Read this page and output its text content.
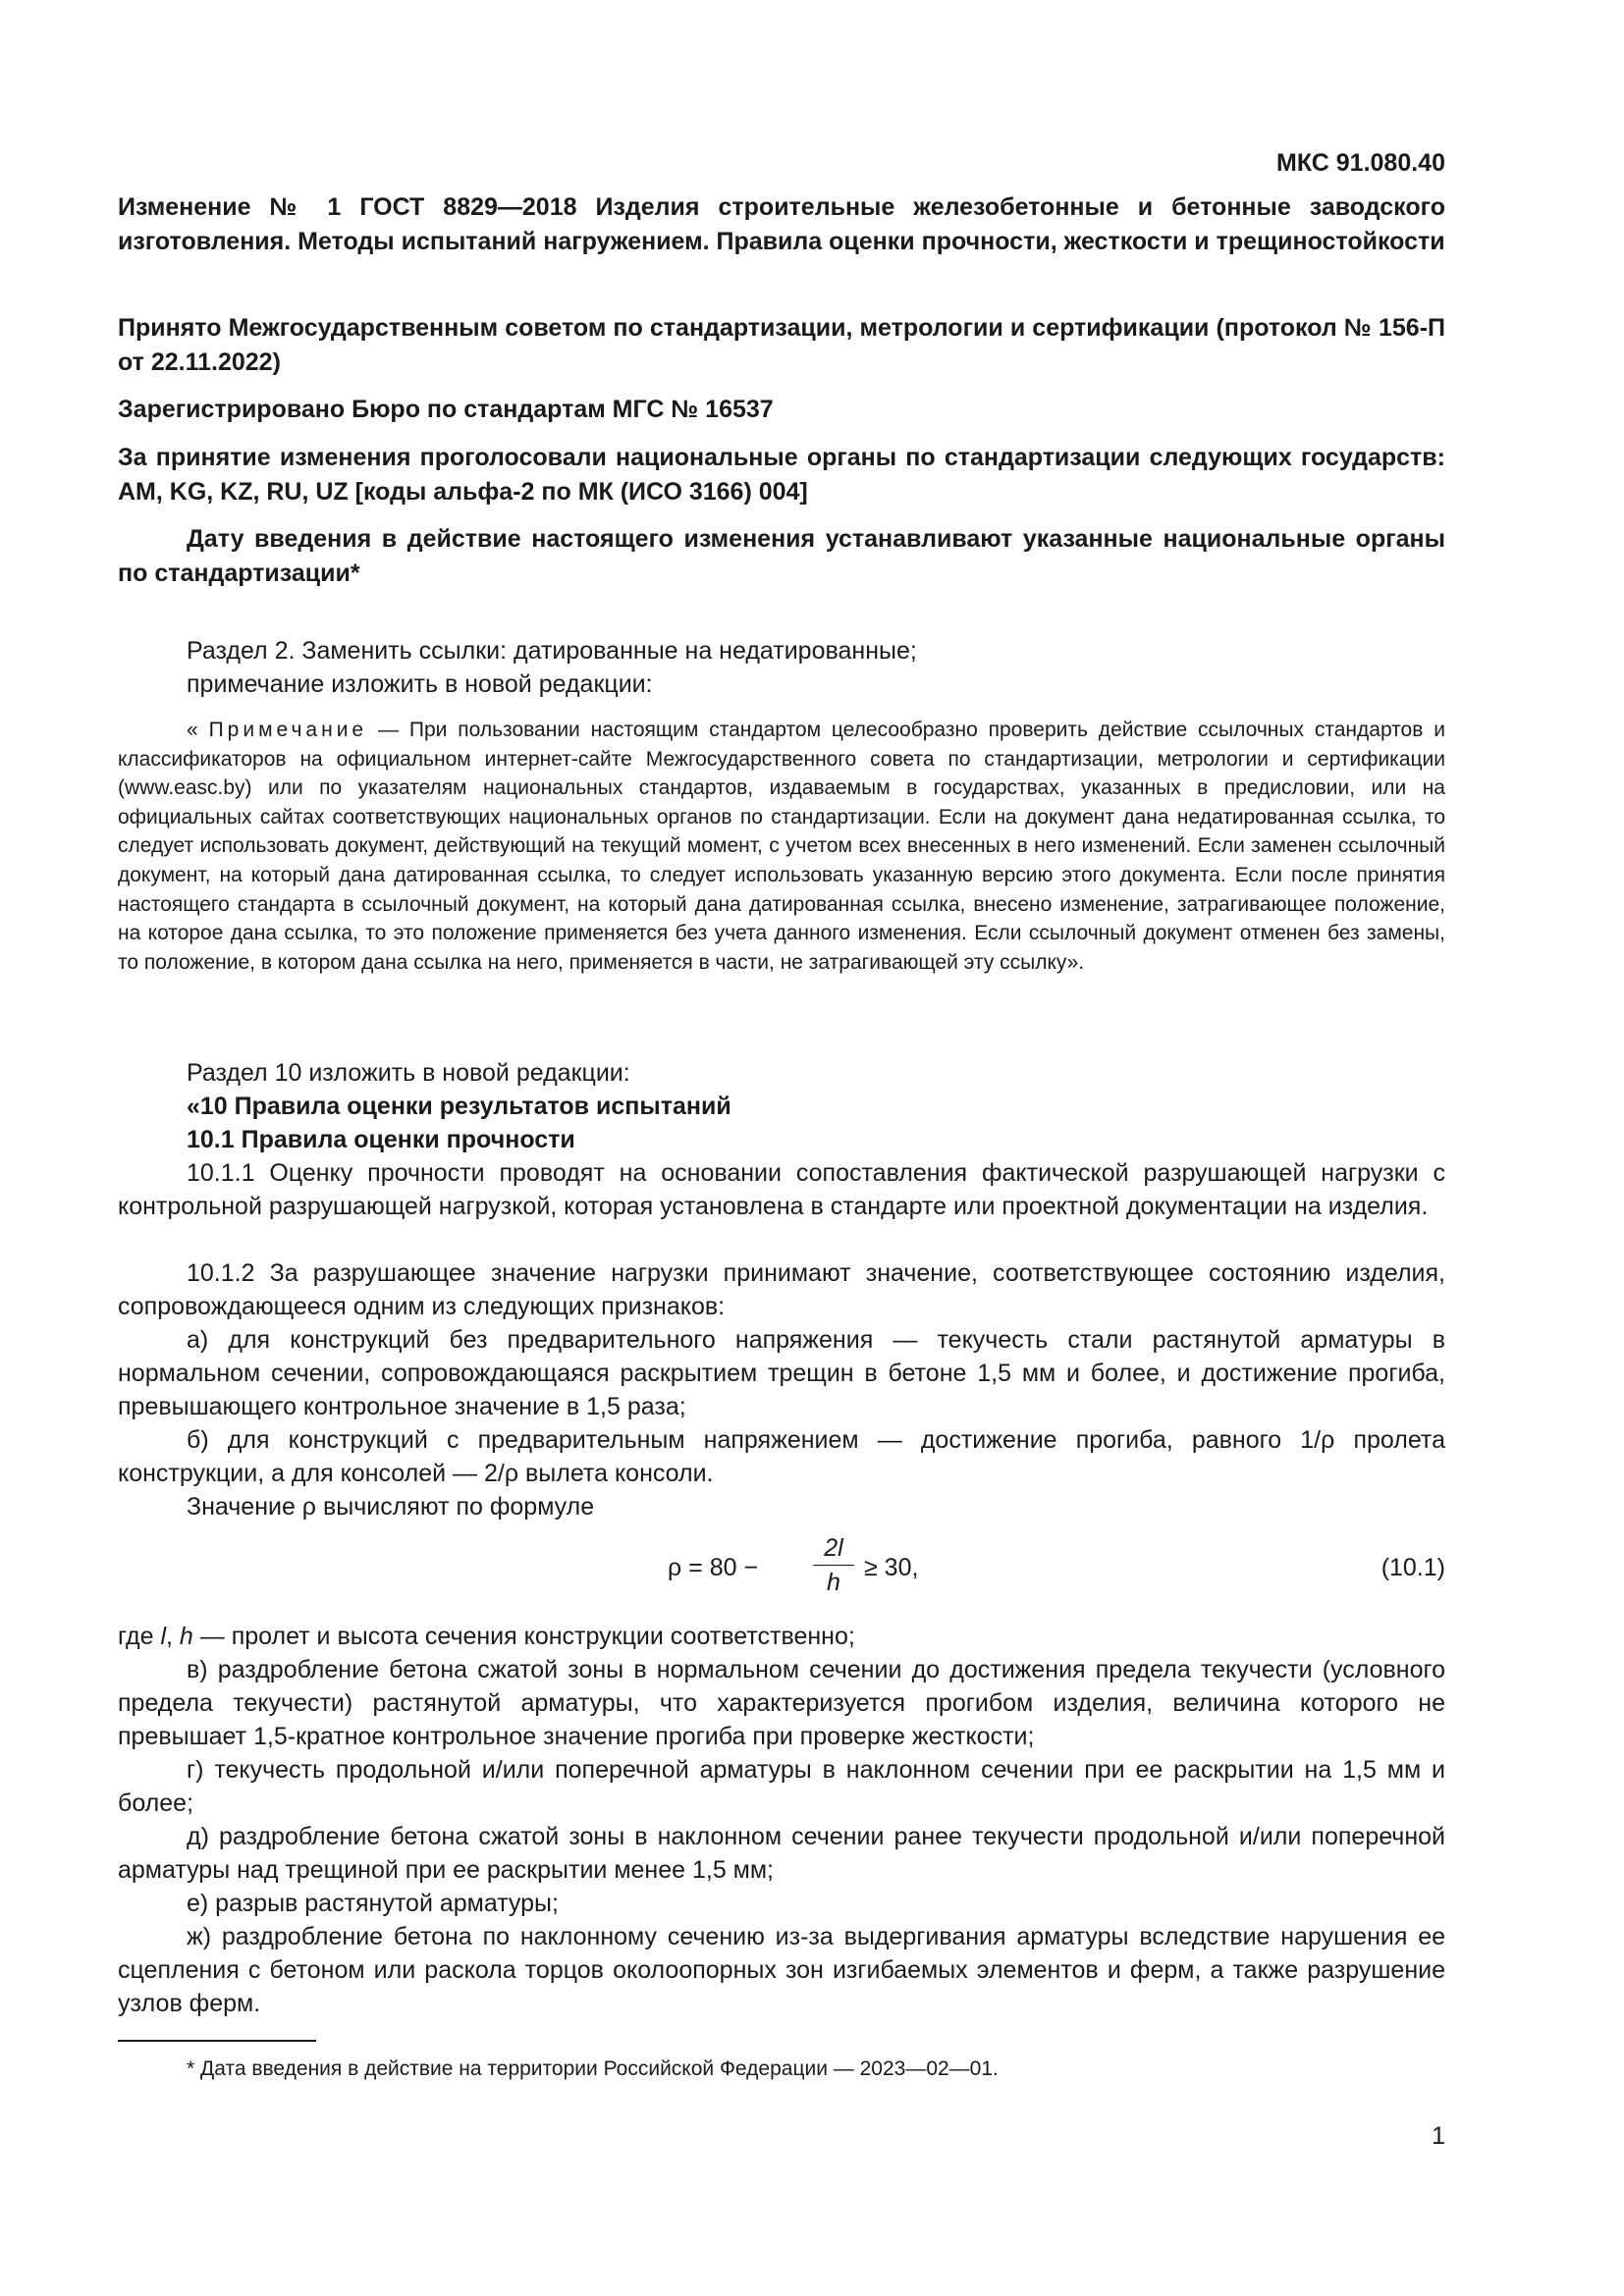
МКС 91.080.40

Изменение № 1 ГОСТ 8829—2018 Изделия строительные железобетонные и бетонные заводского изготовления. Методы испытаний нагружением. Правила оценки прочности, жесткости и трещиностойкости

Принято Межгосударственным советом по стандартизации, метрологии и сертификации (протокол № 156-П от 22.11.2022)

Зарегистрировано Бюро по стандартам МГС № 16537

За принятие изменения проголосовали национальные органы по стандартизации следующих государств: AM, KG, KZ, RU, UZ [коды альфа-2 по МК (ИСО 3166) 004]

Дату введения в действие настоящего изменения устанавливают указанные национальные органы по стандартизации*

Раздел 2. Заменить ссылки: датированные на недатированные;

примечание изложить в новой редакции:

« Примечание — При пользовании настоящим стандартом целесообразно проверить действие ссылочных стандартов и классификаторов на официальном интернет-сайте Межгосударственного совета по стандартизации, метрологии и сертификации (www.easc.by) или по указателям национальных стандартов, издаваемым в государствах, указанных в предисловии, или на официальных сайтах соответствующих национальных органов по стандартизации. Если на документ дана недатированная ссылка, то следует использовать документ, действующий на текущий момент, с учетом всех внесенных в него изменений. Если заменен ссылочный документ, на который дана датированная ссылка, то следует использовать указанную версию этого документа. Если после принятия настоящего стандарта в ссылочный документ, на который дана датированная ссылка, внесено изменение, затрагивающее положение, на которое дана ссылка, то это положение применяется без учета данного изменения. Если ссылочный документ отменен без замены, то положение, в котором дана ссылка на него, применяется в части, не затрагивающей эту ссылку».

Раздел 10 изложить в новой редакции:

«10 Правила оценки результатов испытаний

10.1 Правила оценки прочности

10.1.1 Оценку прочности проводят на основании сопоставления фактической разрушающей нагрузки с контрольной разрушающей нагрузкой, которая установлена в стандарте или проектной документации на изделия.

10.1.2 За разрушающее значение нагрузки принимают значение, соответствующее состоянию изделия, сопровождающееся одним из следующих признаков:

а) для конструкций без предварительного напряжения — текучесть стали растянутой арматуры в нормальном сечении, сопровождающаяся раскрытием трещин в бетоне 1,5 мм и более, и достижение прогиба, превышающего контрольное значение в 1,5 раза;

б) для конструкций с предварительным напряжением — достижение прогиба, равного 1/ρ пролета конструкции, а для консолей — 2/ρ вылета консоли.

Значение ρ вычисляют по формуле

ρ = 80 −
2l
h
≥ 30,	(10.1)

где l, h — пролет и высота сечения конструкции соответственно;

в) раздробление бетона сжатой зоны в нормальном сечении до достижения предела текучести (условного предела текучести) растянутой арматуры, что характеризуется прогибом изделия, величина которого не превышает 1,5-кратное контрольное значение прогиба при проверке жесткости;

г) текучесть продольной и/или поперечной арматуры в наклонном сечении при ее раскрытии на 1,5 мм и более;

д) раздробление бетона сжатой зоны в наклонном сечении ранее текучести продольной и/или поперечной арматуры над трещиной при ее раскрытии менее 1,5 мм;

е) разрыв растянутой арматуры;

ж) раздробление бетона по наклонному сечению из-за выдергивания арматуры вследствие нарушения ее сцепления с бетоном или раскола торцов околоопорных зон изгибаемых элементов и ферм, а также разрушение узлов ферм.

* Дата введения в действие на территории Российской Федерации — 2023—02—01.

1
